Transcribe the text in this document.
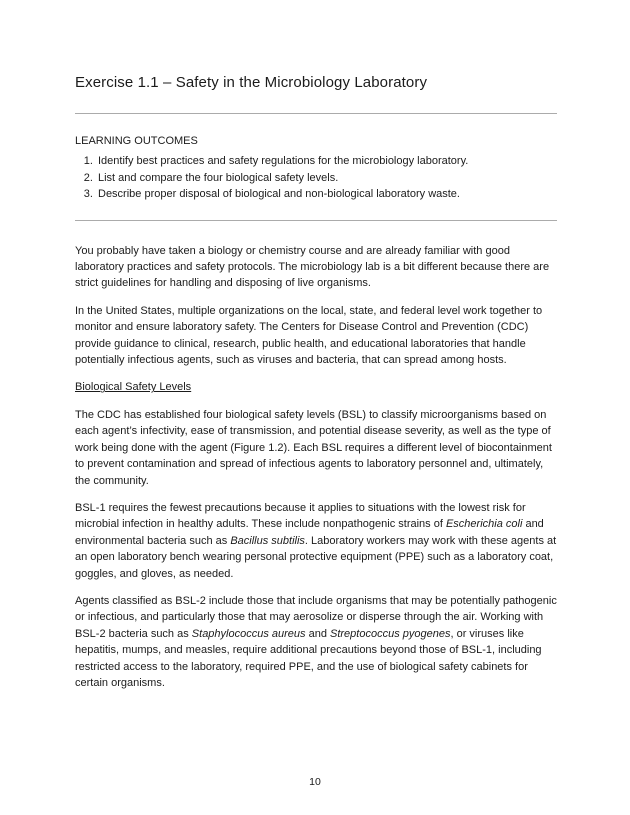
Exercise 1.1 – Safety in the Microbiology Laboratory
LEARNING OUTCOMES
1. Identify best practices and safety regulations for the microbiology laboratory.
2. List and compare the four biological safety levels.
3. Describe proper disposal of biological and non-biological laboratory waste.

You probably have taken a biology or chemistry course and are already familiar with good laboratory practices and safety protocols. The microbiology lab is a bit different because there are strict guidelines for handling and disposing of live organisms.

In the United States, multiple organizations on the local, state, and federal level work together to monitor and ensure laboratory safety. The Centers for Disease Control and Prevention (CDC) provide guidance to clinical, research, public health, and educational laboratories that handle potentially infectious agents, such as viruses and bacteria, that can spread among hosts.

Biological Safety Levels

The CDC has established four biological safety levels (BSL) to classify microorganisms based on each agent’s infectivity, ease of transmission, and potential disease severity, as well as the type of work being done with the agent (Figure 1.2). Each BSL requires a different level of biocontainment to prevent contamination and spread of infectious agents to laboratory personnel and, ultimately, the community.

BSL-1 requires the fewest precautions because it applies to situations with the lowest risk for microbial infection in healthy adults. These include nonpathogenic strains of Escherichia coli and environmental bacteria such as Bacillus subtilis. Laboratory workers may work with these agents at an open laboratory bench wearing personal protective equipment (PPE) such as a laboratory coat, goggles, and gloves, as needed.

Agents classified as BSL-2 include those that include organisms that may be potentially pathogenic or infectious, and particularly those that may aerosolize or disperse through the air. Working with BSL-2 bacteria such as Staphylococcus aureus and Streptococcus pyogenes, or viruses like hepatitis, mumps, and measles, require additional precautions beyond those of BSL-1, including restricted access to the laboratory, required PPE, and the use of biological safety cabinets for certain organisms.

10
